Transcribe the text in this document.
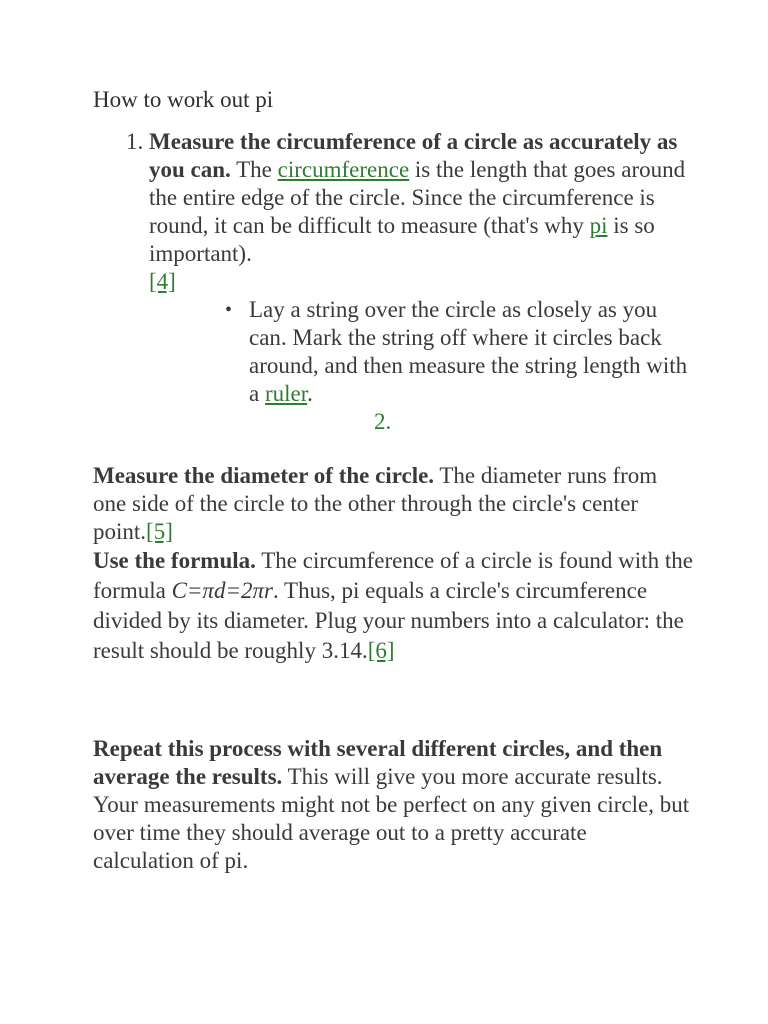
How to work out pi
1. Measure the circumference of a circle as accurately as you can. The circumference is the length that goes around the entire edge of the circle. Since the circumference is round, it can be difficult to measure (that's why pi is so important).
[4]
• Lay a string over the circle as closely as you can. Mark the string off where it circles back around, and then measure the string length with a ruler.
2.
Measure the diameter of the circle. The diameter runs from one side of the circle to the other through the circle's center point.[5]
Use the formula. The circumference of a circle is found with the formula C=πd=2πr. Thus, pi equals a circle's circumference divided by its diameter. Plug your numbers into a calculator: the result should be roughly 3.14.[6]
Repeat this process with several different circles, and then average the results. This will give you more accurate results. Your measurements might not be perfect on any given circle, but over time they should average out to a pretty accurate calculation of pi.
